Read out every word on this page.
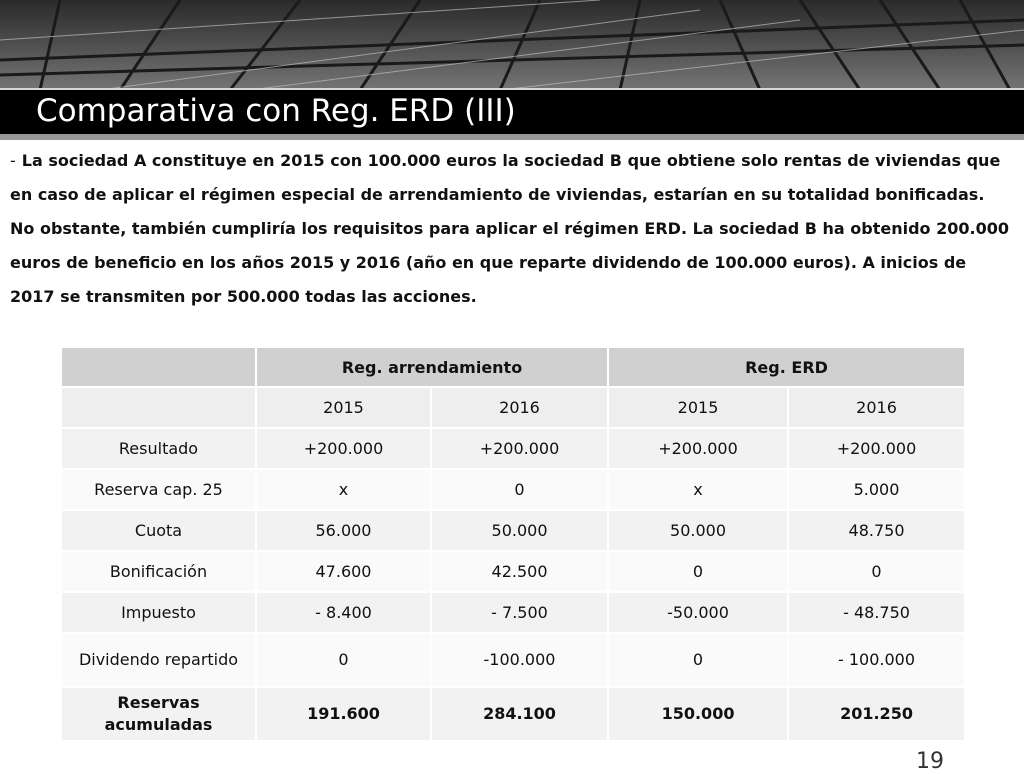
Comparativa con Reg. ERD (III)
- La sociedad A constituye en 2015 con 100.000 euros la sociedad B que obtiene solo rentas de viviendas que en caso de aplicar el régimen especial de arrendamiento de viviendas, estarían en su totalidad bonificadas. No obstante, también cumpliría los requisitos para aplicar el régimen ERD. La sociedad B ha obtenido 200.000 euros de beneficio en los años 2015 y 2016 (año en que reparte dividendo de 100.000 euros). A inicios de 2017 se transmiten por 500.000 todas las acciones.
	Reg. arrendamiento		Reg. ERD	
	2015	2016	2015	2016
Resultado	+200.000	+200.000	+200.000	+200.000
Reserva cap. 25	x	0	x	5.000
Cuota	56.000	50.000	50.000	48.750
Bonificación	47.600	42.500	0	0
Impuesto	- 8.400	- 7.500	-50.000	- 48.750
Dividendo repartido	0	-100.000	0	- 100.000
Reservas acumuladas	191.600	284.100	150.000	201.250
19
